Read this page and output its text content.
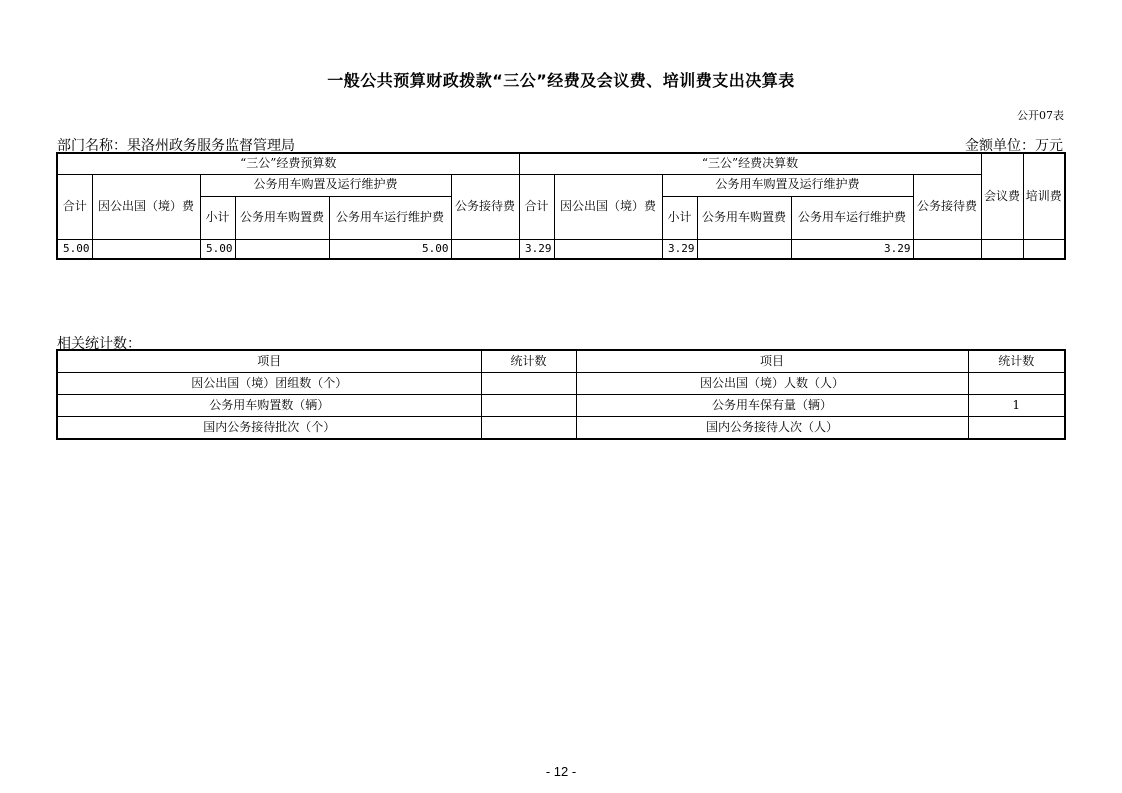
一般公共预算财政拨款“三公”经费及会议费、培训费支出决算表
公开07表
部门名称：果洛州政务服务监督管理局	金额单位：万元
“三公”经费预算数						“三公”经费决算数						会议费	培训费
合计	因公出国（境）费	公务用车购置及运行维护费			公务接待费	合计	因公出国（境）费	公务用车购置及运行维护费			公务接待费		
		小计	公务用车购置费	公务用车运行维护费				小计	公务用车购置费	公务用车运行维护费			
5.00		5.00		5.00		3.29		3.29		3.29			
相关统计数：
项目	统计数	项目	统计数
因公出国（境）团组数（个）		因公出国（境）人数（人）	
公务用车购置数（辆）		公务用车保有量（辆）	1
国内公务接待批次（个）		国内公务接待人次（人）	
- 12 -
